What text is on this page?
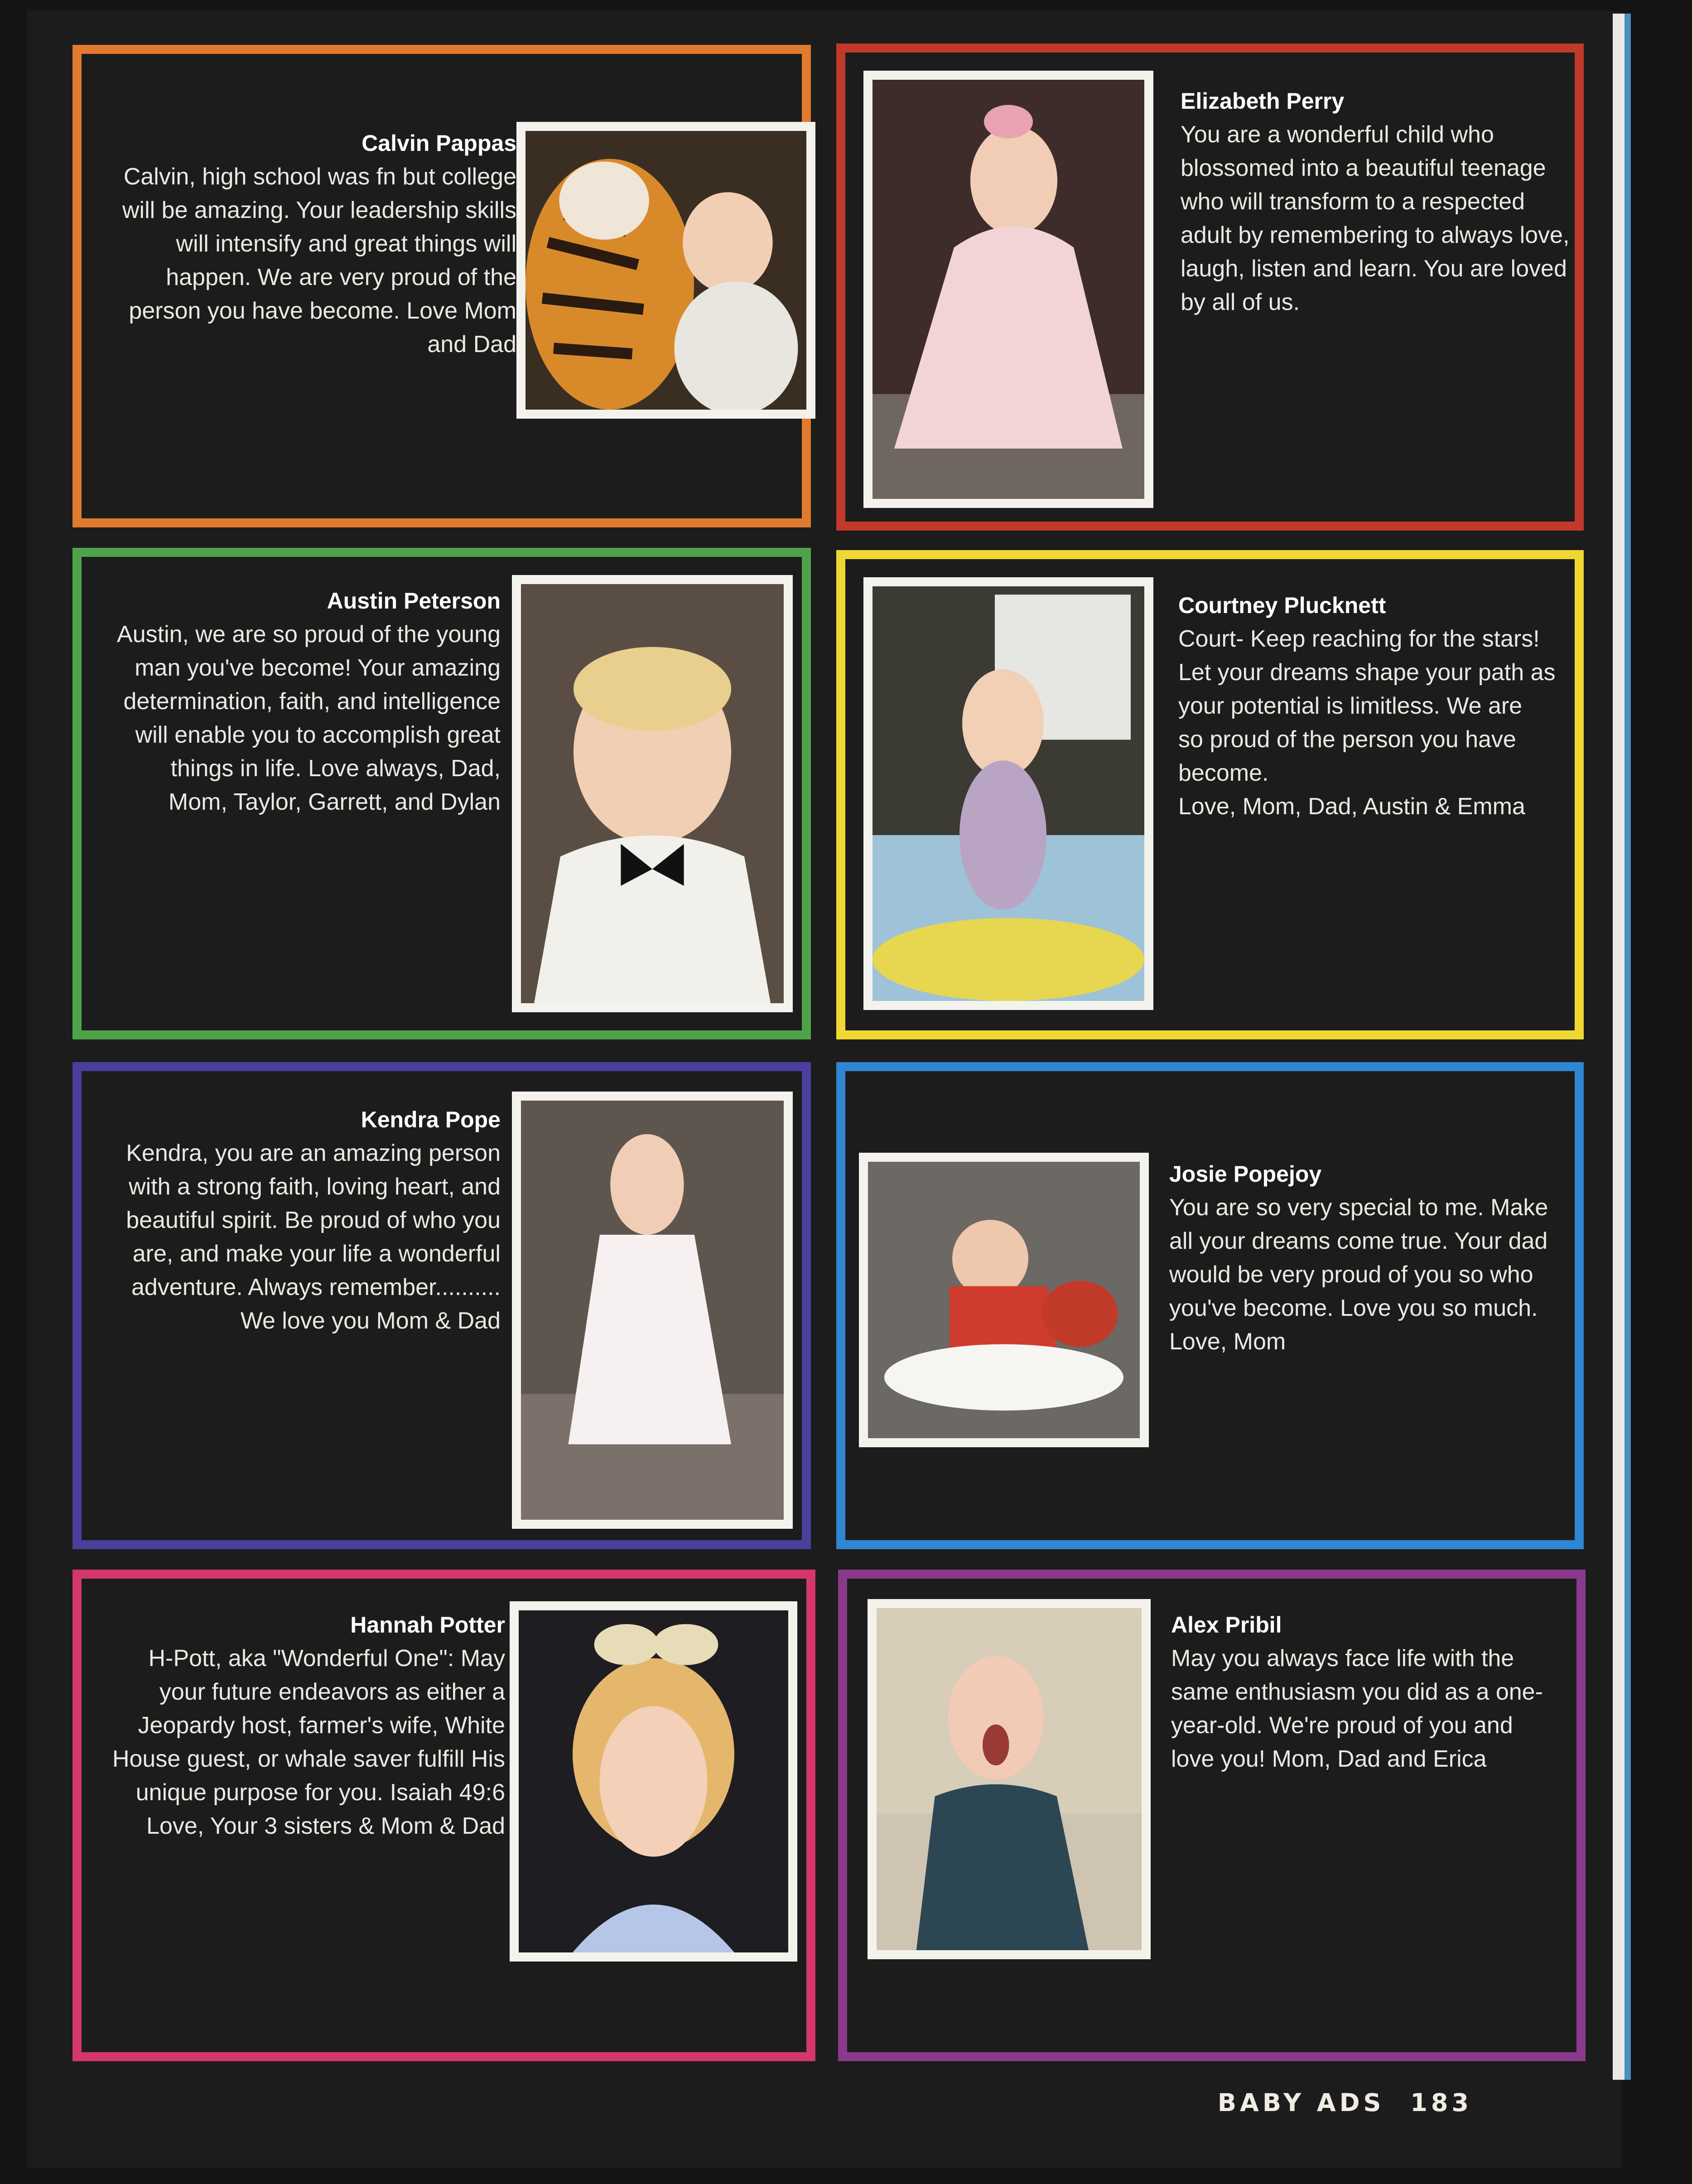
Calvin Pappas
Calvin, high school was fn but college
will be amazing. Your leadership skills
will intensify and great things will
happen. We are very proud of the
person you have become. Love Mom
and Dad
Elizabeth Perry
You are a wonderful child who
blossomed into a beautiful teenage
who will transform to a respected
adult by remembering to always love,
laugh, listen and learn. You are loved
by all of us.
Austin Peterson
Austin, we are so proud of the young
man you've become! Your amazing
determination, faith, and intelligence
will enable you to accomplish great
things in life. Love always, Dad,
Mom, Taylor, Garrett, and Dylan
Courtney Plucknett
Court- Keep reaching for the stars!
Let your dreams shape your path as
your potential is limitless. We are
so proud of the person you have
become.
Love, Mom, Dad, Austin & Emma
Kendra Pope
Kendra, you are an amazing person
with a strong faith, loving heart, and
beautiful spirit. Be proud of who you
are, and make your life a wonderful
adventure. Always remember..........
We love you Mom & Dad
Josie Popejoy
You are so very special to me. Make
all your dreams come true. Your dad
would be very proud of you so who
you've become. Love you so much.
Love, Mom
Hannah Potter
H-Pott, aka "Wonderful One": May
your future endeavors as either a
Jeopardy host, farmer's wife, White
House guest, or whale saver fulfill His
unique purpose for you. Isaiah 49:6
Love, Your 3 sisters & Mom & Dad
Alex Pribil
May you always face life with the
same enthusiasm you did as a one-
year-old. We're proud of you and
love you! Mom, Dad and Erica
BABY ADS 183
